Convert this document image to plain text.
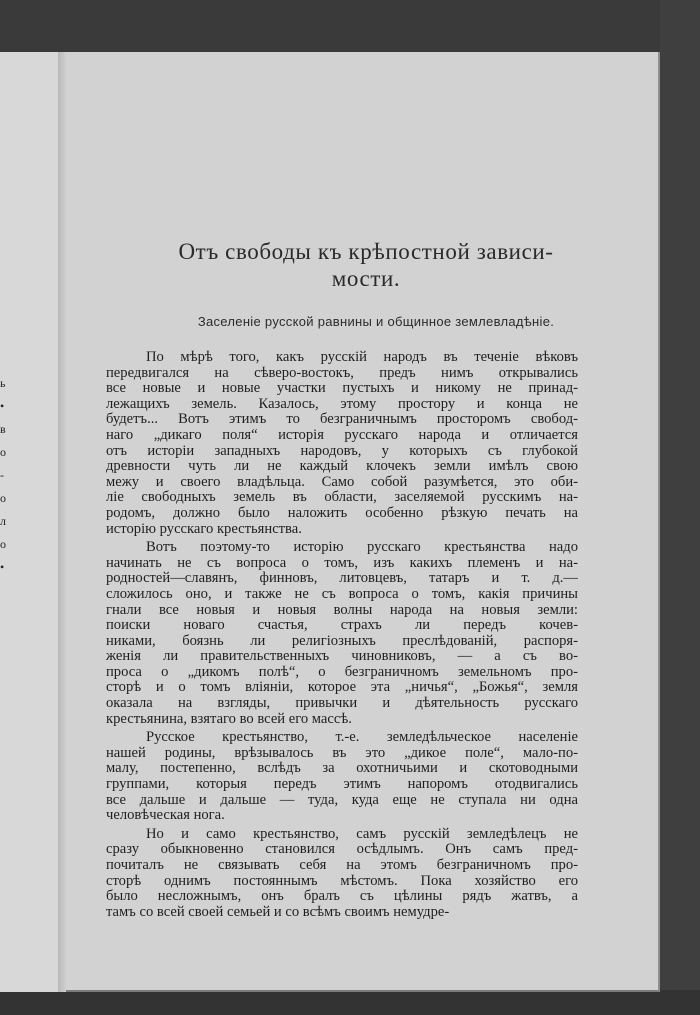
ь
•
в
о
-
о
л
о
•
Отъ свободы къ крѣпостной зависи-
мости.

Заселеніе русской равнины и общинное землевладѣніе.

По мѣрѣ того, какъ русскій народъ въ теченіе вѣковъ
передвигался на сѣверо-востокъ, предъ нимъ открывались
все новые и новые участки пустыхъ и никому не принад-
лежащихъ земель. Казалось, этому простору и конца не
будетъ... Вотъ этимъ то безграничнымъ просторомъ свобод-
наго „дикаго поля“ исторія русскаго народа и отличается
отъ исторіи западныхъ народовъ, у которыхъ съ глубокой
древности чуть ли не каждый клочекъ земли имѣлъ свою
межу и своего владѣльца. Само собой разумѣется, это оби-
ліе свободныхъ земель въ области, заселяемой русскимъ на-
родомъ, должно было наложить особенно рѣзкую печать на
исторію русскаго крестьянства.
Вотъ поэтому-то исторію русскаго крестьянства надо
начинать не съ вопроса о томъ, изъ какихъ племенъ и на-
родностей—славянъ, финновъ, литовцевъ, татаръ и т. д.—
сложилось оно, и также не съ вопроса о томъ, какія причины
гнали все новыя и новыя волны народа на новыя земли:
поиски новаго счастья, страхъ ли передъ кочев-
никами, боязнь ли религіозныхъ преслѣдованій, распоря-
женія ли правительственныхъ чиновниковъ, — а съ во-
проса о „дикомъ полѣ“, о безграничномъ земельномъ про-
сторѣ и о томъ вліяніи, которое эта „ничья“, „Божья“, земля
оказала на взгляды, привычки и дѣятельность русскаго
крестьянина, взятаго во всей его массѣ.
Русское крестьянство, т.-е. земледѣльческое населеніе
нашей родины, врѣзывалось въ это „дикое поле“, мало-по-
малу, постепенно, вслѣдъ за охотничьими и скотоводными
группами, которыя передъ этимъ напоромъ отодвигались
все дальше и дальше — туда, куда еще не ступала ни одна
человѣческая нога.
Но и само крестьянство, самъ русскій земледѣлецъ не
сразу обыкновенно становился осѣдлымъ. Онъ самъ пред-
почиталъ не связывать себя на этомъ безграничномъ про-
сторѣ однимъ постояннымъ мѣстомъ. Пока хозяйство его
было несложнымъ, онъ бралъ съ цѣлины рядъ жатвъ, а
тамъ со всей своей семьей и со всѣмъ своимъ немудре-
